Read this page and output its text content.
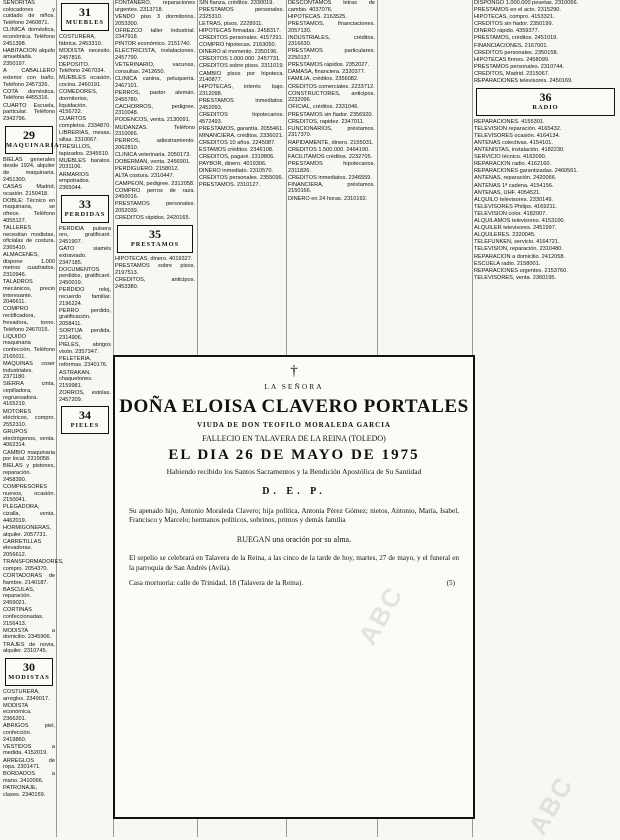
SEÑORITAS colocadores y cuidado de niños. Teléfono 2460871.

CLINICA doméstica, económica. Teléfono 2451398.

HABITACION alquilo amueblada. 2350197.

A CABALLERO exterior con baño. Teléfono 2457326.

COTA doméstica. Teléfono 4455316.

CUARTO Escuela, particular. Teléfono 2342796.

29
MAQUINARIA

BIELAS generales desde 1924, alquiler de maquinaria. 2451300.

CASAS Madrid, ocasión. 2150418.

DOBLE: Técnico en maquinaria, se ofrece. Teléfono 4055127.

TALLERES necesitan modistas, oficialas de costura. 2365410.

ALMACENES, dispone 1.000 metros cuadrados. 2310946.

TALADROS mecánicos, precio interesante. 2046611.

COMPRO rectificadora, fresadora, torno. Teléfono 2467015.

LIQUIDO maquinaria confección. Teléfono 2165011.

MAQUINAS coser industriales. 2371180.

SIERRA cinta, cepilladora, regruesadora. 4165219.

MOTORES eléctricos, compro. 2552310.

GRUPOS electrógenos, venta. 4062314.

CAMBIO maquinaria por local. 2319058.

BIELAS y pistones, reparación. 2458390.

COMPRESORES nuevos, ocasión. 2150041.

PLEGADORA, cizalla, venta. 4462019.

HORMIGONERAS, alquiler. 2057731.

CARRETILLAS elevadoras. 2056612.

TRANSFORMADORES, compro. 2054370.

CORTADORAS de fiambre. 2140187.

BASCULAS, reparación. 2459021.

CORTINAS confeccionadas. 2156413.

MODISTA a domicilio. 2345906.

TRAJES de novia, alquiler. 2310745.

30
MODISTAS

COSTURERA, arreglos. 2349017.

MODISTA económica. 2366201.

ABRIGOS piel, confección. 2419860.

VESTIDOS a medida. 4152019.

ARREGLOS de ropa. 2301471.

BORDADOS a mano. 2410066.

PATRONAJE, clases. 2340159.

31
MUEBLES

COSTURERA, fábrica. 2453310.

MODISTA necesito. 2457816.

DEPOSITO. Teléfono 2467034.

MUEBLES ocasión, cocina. 2460191.

COMEDORES, dormitorios, liquidación. 4156722.

CUARTOS completos. 2334870.

LIBRERIAS, mesas, sillas. 2310067.

TRESILLOS, tapizados. 2345510.

MUEBLES baratos. 2031106.

ARMARIOS empotrados. 2365044.

33
PERDIDAS

PERDIDA pulsera oro, gratificaré. 2451907.

GATO siamés extraviado. 2347185.

DOCUMENTOS perdidos, gratificaré. 2450019.

PERDIDO reloj, recuerdo familiar. 2196224.

PERRO perdido, gratificación. 2058411.

SORTIJA perdida. 2314906.

PIELES, abrigos visón. 2357347.

PELETERIA, reformas. 2340176.

ASTRAKAN, chaquetones. 2159981.

ZORROS, estolas. 2457209.

34
PIELES

FONTANERO, reparaciones urgentes. 2313718.

VENDO piso 3 dormitorios. 2053300.

OFREZCO taller industrial. 2347918.

PINTOR económico. 2151740.

ELECTRICISTA, instalaciones. 2457790.

VETERINARIO, vacunas, consultas. 2412650.

CLINICA canina, peluquería. 2467101.

PERROS, pastor alemán. 2455780.

CACHORROS, pedigree. 2310048.

PODENCOS, venta. 2130091.

MUDANZAS. Teléfono 2310066.

PERROS, adiestramiento. 2062810.

CLINICA veterinaria. 2050173.

DOBERMAN, venta. 2456901.

PERDIGUERO. 2158012.

ALTA costura. 2310447.

CAMPEON, pedigree. 2312058.

COMPRO perros de raza. 2450016.

PRESTAMOS personales. 2052039.

CREDITOS rápidos. 2420165.

35
PRESTAMOS

HIPOTECAS, dinero. 4019327.

PRESTAMOS sobre pisos. 2197513.

CREDITOS, anticipos. 2453380.

SIN fianza, créditos. 2330019.

PRESTAMOS personales. 2325310.

LETRAS, pisos. 2228911.

HIPOTECAS firmadas. 2458317.

CREDITOS personales. 4157291.

COMPRO hipotecas. 2163050.

DINERO al momento. 2350196.

CREDITOS 1.000.000. 2457731.

CREDITOS sobre pisos. 2311019.

CAMBIO pisos por hipoteca. 2140877.

HIPOTECAS, interés bajo. 2312098.

PRESTAMOS inmediatos. 2452093.

CREDITOS hipotecarios. 4572493.

PRESTAMOS, garantía. 2055461.

MINANCIERA, créditos. 2336021.

CREDITOS 10 años. 2245087.

ESTAMOS créditos. 2346108.

CREDITOS, pagaré. 2319806.

PAYBOR, dinero. 4019306.

DINERO inmediato. 2310570.

CREDITOS personales. 2355096.

PRESTAMOS. 2310127.

DESCONTAMOS letras de cambio. 4037076.

HIPOTECAS. 2163525.

PRESTAMOS, financiaciones. 2057130.

INDUSTRIALES, créditos. 2316630.

PRESTAMOS particulares. 2250137.

PRESTAMOS rápidos. 2352027.

DAMASA, financiera. 2320377.

FAMILIA, créditos. 2356082.

CREDITOS comerciales. 2233712.

CONSTRUCTORES, anticipos. 2232096.

OFICIAL, créditos. 2331046.

PRESTAMOS sin fiador. 2356920.

CREDITOS, rapidez. 2347011.

FUNCIONARIOS, préstamos. 2317370.

RAPIDAMENTE, dinero. 2155031.

CREDITOS 1.500.000. 2464190.

FACILITAMOS créditos. 2232705.

PRESTAMOS hipotecarios. 2311826.

CREDITOS inmediatos. 2346559.

FINANCIERA, préstamos. 2150166.

DINERO en 24 horas. 2310192.

DISPONGO 1.000.000 pesetas. 2310066.

PRESTAMOS en el acto. 2315290.

HIPOTECAS, compro. 4153321.

CREDITOS sin fiador. 2350199.

DINERO rápido. 4359377.

PRESTAMOS, créditos. 2451019.

FINANCIACIONES. 2167001.

CREDITOS personales. 2350158.

HIPOTECAS firmes. 2458099.

PRESTAMOS personales. 2310744.

CREDITOS, Madrid. 2315067.

REPARACIONES televisores. 2450169.

36
RADIO

REPARACIONES. 4155301.

TELEVISION reparación. 4165432.

TELEVISORES ocasión. 4164134.

ANTENAS colectivas. 4154101.

ANTENISTAS, instalación. 4182230.

SERVICIO técnico. 4162090.

REPARACION radio. 4162160.

REPARACIONES garantizadas. 2460561.

ANTENAS, reparación. 2420066.

ANTENAS 1ª cadena. 4154156.

ANTENAS, UHF. 4054521.

ALQUILO televisores. 2330149.

TELEVISORES Philips. 4169211.

TELEVISION color. 4182007.

ALQUILAMOS televisores. 4153100.

ALQUILER televisores. 2451997.

ALQUILERES. 2320045.

TELEFUNKEN, servicio. 4164721.

TELEVISION, reparación. 2310480.

REPARACION a domicilio. 2412058.

ESCUELA radio. 2158001.

REPARACIONES urgentes. 2153760.

TELEVISORES, venta. 2360195.

†
LA SEÑORA
DOÑA ELOISA CLAVERO PORTALES
VIUDA DE DON TEOFILO MORALEDA GARCIA
FALLECIO EN TALAVERA DE LA REINA (TOLEDO)
EL DIA 26 DE MAYO DE 1975
Habiendo recibido los Santos Sacramentos y la Bendición Apostólica de Su Santidad
D. E. P.
Su apenado hijo, Antonio Moraleda Clavero; hija política, Antonia Pérez Gómez; nietos, Antonio, María, Isabel, Francisco y Marcelo; hermanos políticos, sobrinos, primos y demás familia
RUEGAN una oración por su alma.
El sepelio se celebrará en Talavera de la Reina, a las cinco de la tarde de hoy, martes, 27 de mayo, y el funeral en la parroquia de San Andrés (Avila).
Casa mortuoria: calle de Trinidad, 18 (Talavera de la Reina).	(5)
ABC
